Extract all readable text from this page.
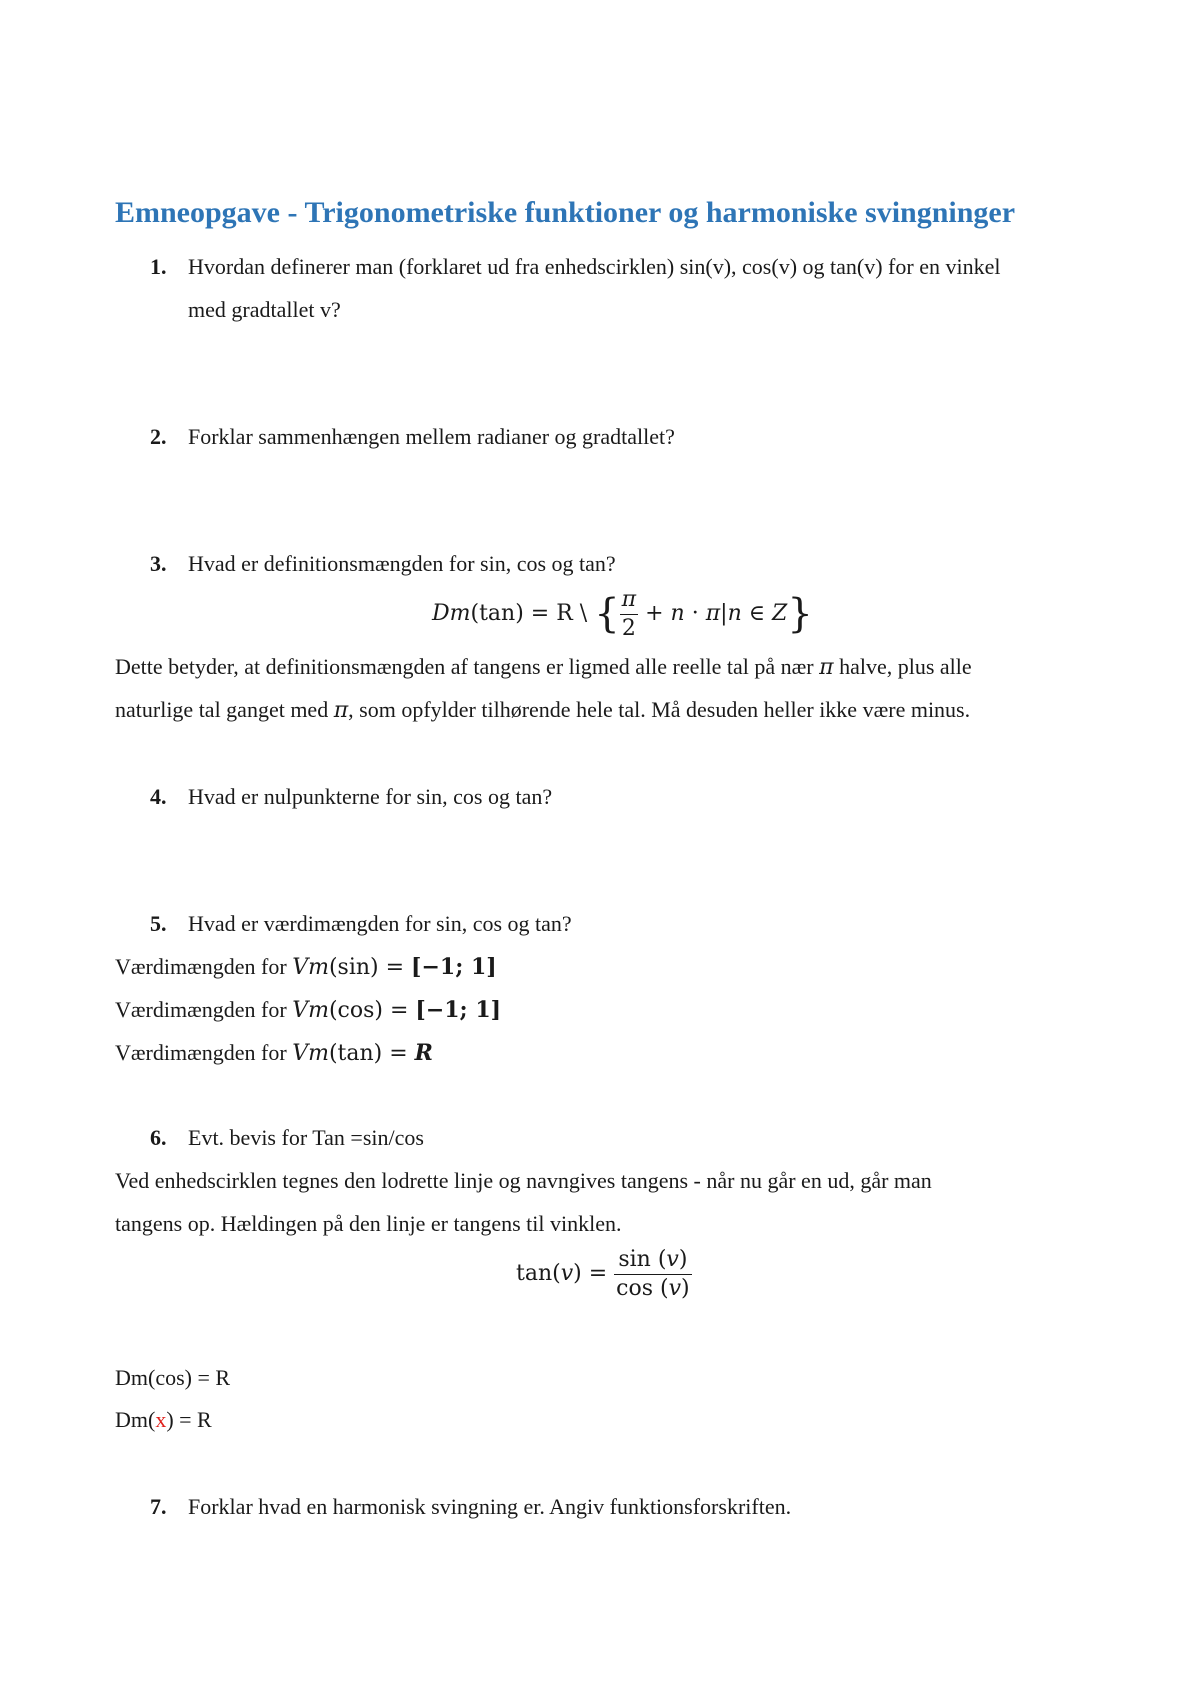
Emneopgave - Trigonometriske funktioner og harmoniske svingninger
1. Hvordan definerer man (forklaret ud fra enhedscirklen) sin(v), cos(v) og tan(v) for en vinkel
med gradtallet v?
2. Forklar sammenhængen mellem radianer og gradtallet?
3. Hvad er definitionsmængden for sin, cos og tan?
Dm(tan) = R \ { $\frac{\pi}{2} + n \cdot \pi|n$ ∈ Z}
Dette betyder, at definitionsmængden af tangens er ligmed alle reelle tal på nær π halve, plus alle
naturlige tal ganget med π, som opfylder tilhørende hele tal. Må desuden heller ikke være minus.
4. Hvad er nulpunkterne for sin, cos og tan?
5. Hvad er værdimængden for sin, cos og tan?
Værdimængden for Vm(sin) = [−1; 1]
Værdimængden for Vm(cos) = [−1; 1]
Værdimængden for Vm(tan) = R
6. Evt. bevis for Tan =sin/cos
Ved enhedscirklen tegnes den lodrette linje og navngives tangens - når nu går en ud, går man
tangens op. Hældingen på den linje er tangens til vinklen.
$\tan(v) = \frac{\sin (v)}{\cos (v)}$
Dm(cos) = R
Dm(x) = R
7. Forklar hvad en harmonisk svingning er. Angiv funktionsforskriften.
